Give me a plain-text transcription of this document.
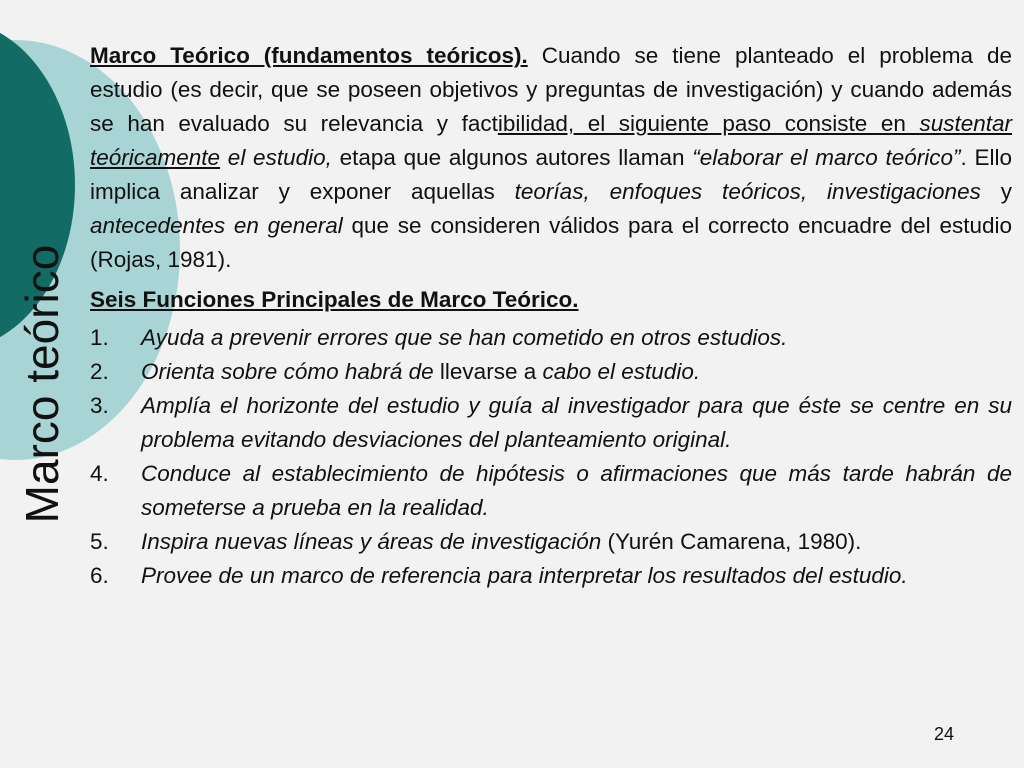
Marco teórico

Marco Teórico (fundamentos teóricos). Cuando se tiene planteado el problema de estudio (es decir, que se poseen objetivos y preguntas de investigación) y cuando además se han evaluado su relevancia y factibilidad, el siguiente paso consiste en sustentar teóricamente el estudio, etapa que algunos autores llaman “elaborar el marco teórico”. Ello implica analizar y exponer aquellas teorías, enfoques teóricos, investigaciones y antecedentes en general que se consideren válidos para el correcto encuadre del estudio (Rojas, 1981).

Seis Funciones Principales de Marco Teórico.

1.	Ayuda a prevenir errores que se han cometido en otros estudios.
2.	Orienta sobre cómo habrá de llevarse a cabo el estudio.
3.	Amplía el horizonte del estudio y guía al investigador para que éste se centre en su problema evitando desviaciones del planteamiento original.
4.	Conduce al establecimiento de hipótesis o afirmaciones que más tarde habrán de someterse a prueba en la realidad.
5.	Inspira nuevas líneas y áreas de investigación (Yurén Camarena, 1980).
6.	Provee de un marco de referencia para interpretar los resultados del estudio.
24
